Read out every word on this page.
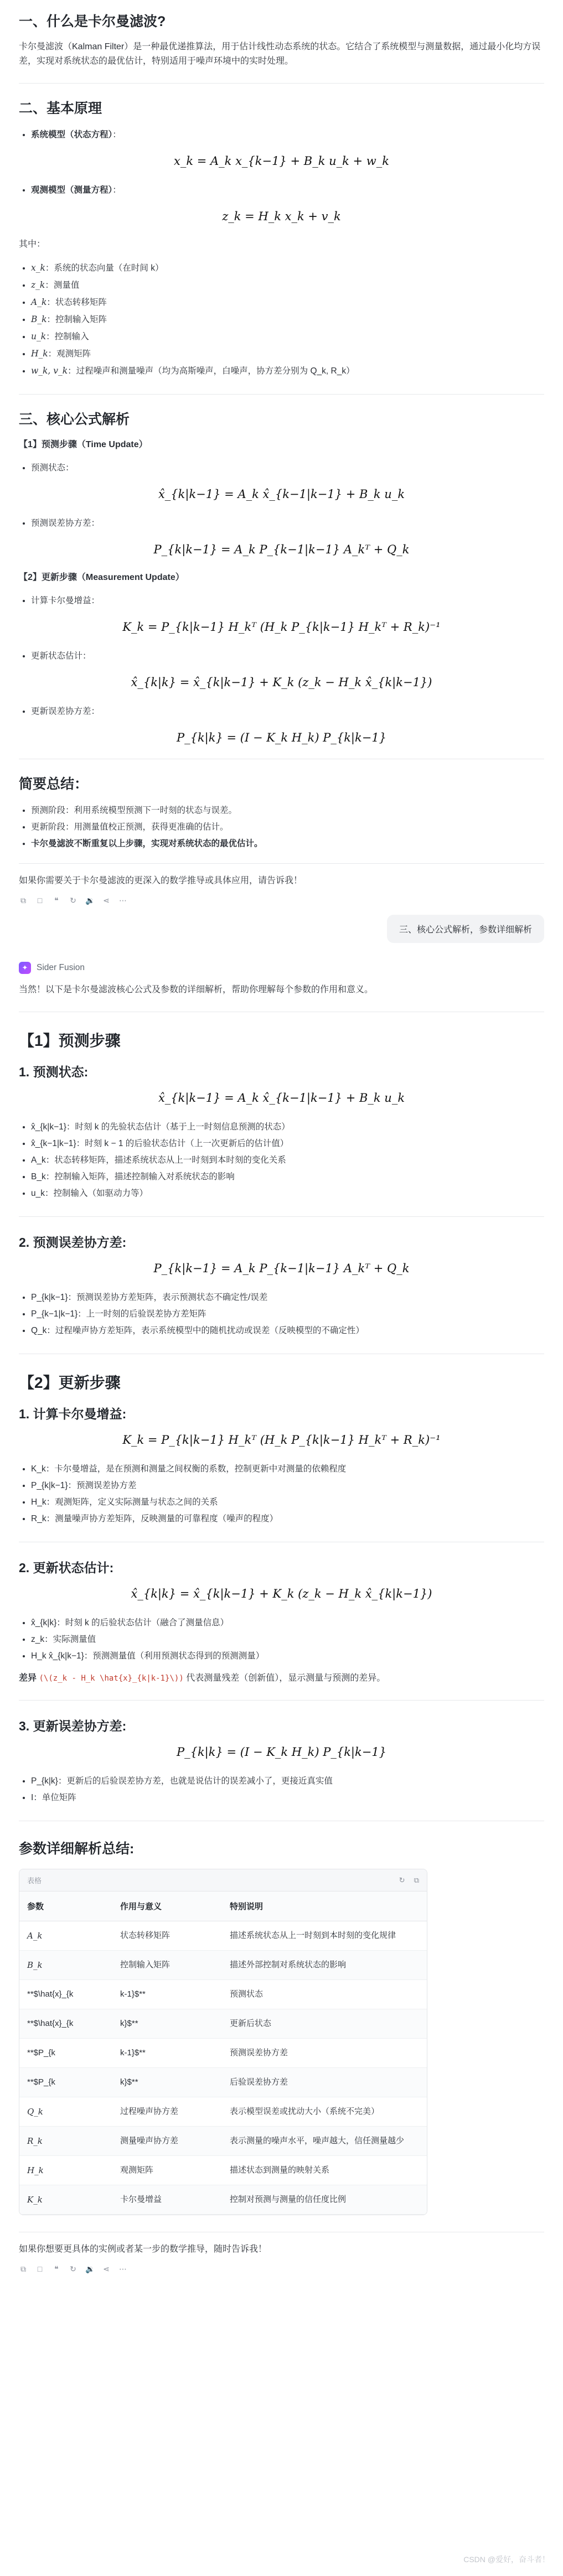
一、什么是卡尔曼滤波?

卡尔曼滤波（Kalman Filter）是一种最优递推算法，用于估计线性动态系统的状态。它结合了系统模型与测量数据，通过最小化均方误差，实现对系统状态的最优估计，特别适用于噪声环境中的实时处理。

二、基本原理
• 系统模型（状态方程）：
x_k = A_k x_{k−1} + B_k u_k + w_k
• 观测模型（测量方程）：
z_k = H_k x_k + v_k

其中：

• x_k：系统的状态向量（在时间 k）
• z_k：测量值
• A_k：状态转移矩阵
• B_k：控制输入矩阵
• u_k：控制输入
• H_k：观测矩阵
• w_k, v_k：过程噪声和测量噪声（均为高斯噪声，白噪声，协方差分别为 Q_k, R_k）
三、核心公式解析

【1】预测步骤（Time Update）

• 预测状态：
x̂_{k|k−1} = A_k x̂_{k−1|k−1} + B_k u_k
• 预测误差协方差：
P_{k|k−1} = A_k P_{k−1|k−1} A_kᵀ + Q_k

【2】更新步骤（Measurement Update）

• 计算卡尔曼增益：
K_k = P_{k|k−1} H_kᵀ (H_k P_{k|k−1} H_kᵀ + R_k)⁻¹
• 更新状态估计：
x̂_{k|k} = x̂_{k|k−1} + K_k (z_k − H_k x̂_{k|k−1})
• 更新误差协方差：
P_{k|k} = (I − K_k H_k) P_{k|k−1}
简要总结：
• 预测阶段：利用系统模型预测下一时刻的状态与误差。
• 更新阶段：用测量值校正预测，获得更准确的估计。
• 卡尔曼滤波不断重复以上步骤，实现对系统状态的最优估计。

如果你需要关于卡尔曼滤波的更深入的数学推导或具体应用，请告诉我！

⧉ □	❝	↻ 🔉 ⋖ ⋯
三、核心公式解析，参数详细解析
✦	Sider Fusion

当然！以下是卡尔曼滤波核心公式及参数的详细解析，帮助你理解每个参数的作用和意义。

【1】预测步骤
1. 预测状态:
x̂_{k|k−1} = A_k x̂_{k−1|k−1} + B_k u_k
• x̂_{k|k−1}：时刻 k 的先验状态估计（基于上一时刻信息预测的状态）
• x̂_{k−1|k−1}：时刻 k − 1 的后验状态估计（上一次更新后的估计值）
• A_k：状态转移矩阵，描述系统状态从上一时刻到本时刻的变化关系
• B_k：控制输入矩阵，描述控制输入对系统状态的影响
• u_k：控制输入（如驱动力等）
2. 预测误差协方差:
P_{k|k−1} = A_k P_{k−1|k−1} A_kᵀ + Q_k
• P_{k|k−1}：预测误差协方差矩阵，表示预测状态不确定性/误差
• P_{k−1|k−1}：上一时刻的后验误差协方差矩阵
• Q_k：过程噪声协方差矩阵，表示系统模型中的随机扰动或误差（反映模型的不确定性）
【2】更新步骤
1. 计算卡尔曼增益:
K_k = P_{k|k−1} H_kᵀ (H_k P_{k|k−1} H_kᵀ + R_k)⁻¹
• K_k：卡尔曼增益，是在预测和测量之间权衡的系数，控制更新中对测量的依赖程度
• P_{k|k−1}：预测误差协方差
• H_k：观测矩阵，定义实际测量与状态之间的关系
• R_k：测量噪声协方差矩阵，反映测量的可靠程度（噪声的程度）
2. 更新状态估计:
x̂_{k|k} = x̂_{k|k−1} + K_k (z_k − H_k x̂_{k|k−1})
• x̂_{k|k}：时刻 k 的后验状态估计（融合了测量信息）
• z_k：实际测量值
• H_k x̂_{k|k−1}：预测测量值（利用预测状态得到的预测测量）

差异 (\(z_k - H_k \hat{x}_{k|k-1}\)) 代表测量残差（创新值），显示测量与预测的差异。

3. 更新误差协方差:
P_{k|k} = (I − K_k H_k) P_{k|k−1}
• P_{k|k}：更新后的后验误差协方差，也就是说估计的误差减小了，更接近真实值
• I：单位矩阵
参数详细解析总结:
表格	↻ ⧉
参数	作用与意义	特别说明
A_k	状态转移矩阵	描述系统状态从上一时刻到本时刻的变化规律
B_k	控制输入矩阵	描述外部控制对系统状态的影响
**$\hat{x}_{k	k-1}$**	预测状态
**$\hat{x}_{k	k}$**	更新后状态
**$P_{k	k-1}$**	预测误差协方差
**$P_{k	k}$**	后验误差协方差
Q_k	过程噪声协方差	表示模型误差或扰动大小（系统不完美）
R_k	测量噪声协方差	表示测量的噪声水平，噪声越大，信任测量越少
H_k	观测矩阵	描述状态到测量的映射关系
K_k	卡尔曼增益	控制对预测与测量的信任度比例

如果你想要更具体的实例或者某一步的数学推导，随时告诉我！

⧉ □	❝	↻ 🔉 ⋖ ⋯
CSDN @爱好，奋斗者！
